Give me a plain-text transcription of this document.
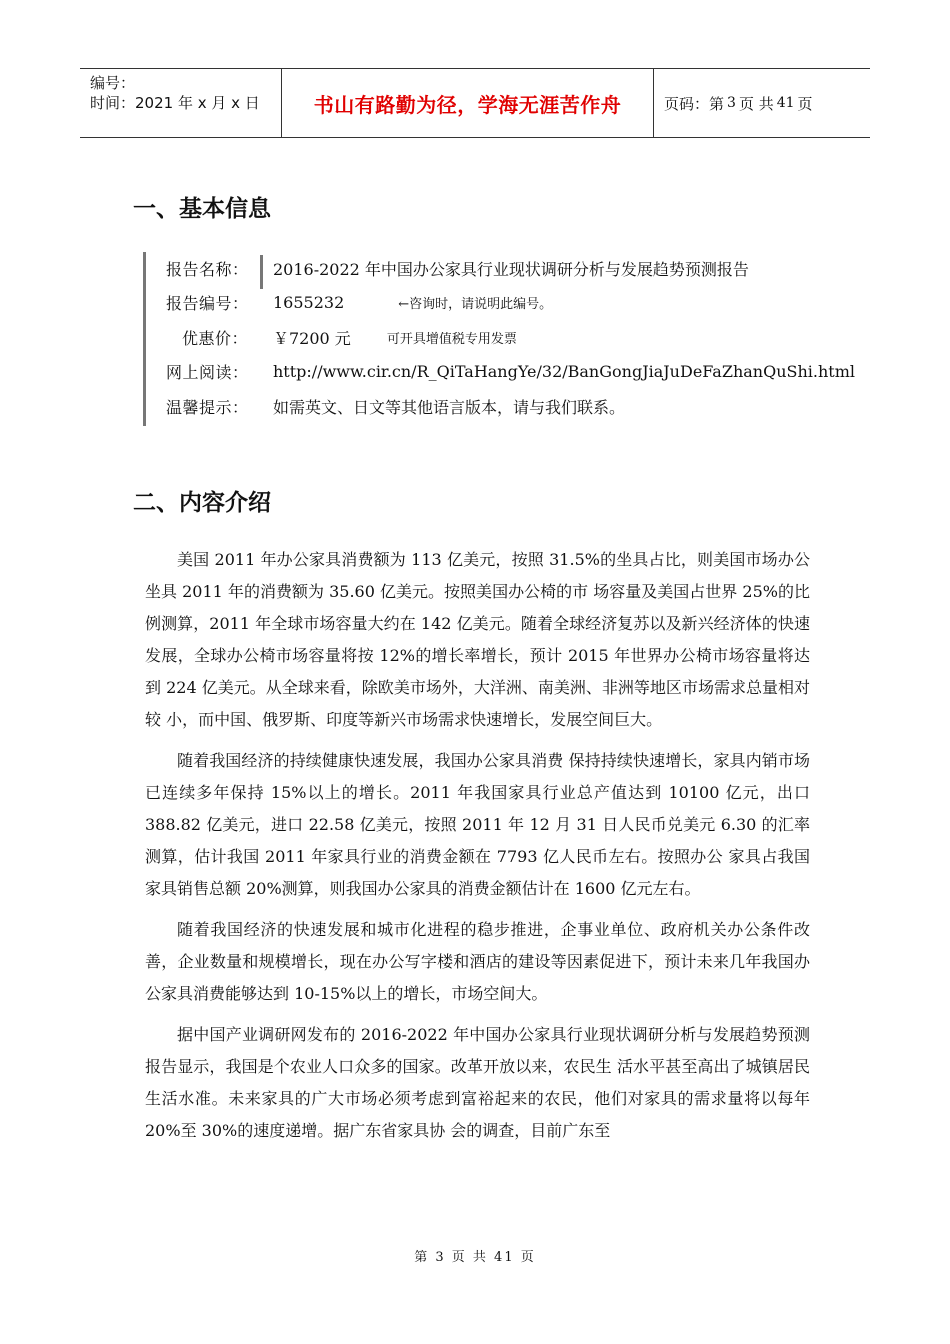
编号：
时间：2021 年 x 月 x 日	书山有路勤为径，学海无涯苦作舟	页码：第 3 页 共 41 页
一、基本信息
报告名称：	2016-2022 年中国办公家具行业现状调研分析与发展趋势预测报告
报告编号：	1655232	←咨询时，请说明此编号。
优惠价：	￥7200 元	可开具增值税专用发票
网上阅读：	http://www.cir.cn/R_QiTaHangYe/32/BanGongJiaJuDeFaZhanQuShi.html
温馨提示：	如需英文、日文等其他语言版本，请与我们联系。
二、内容介绍

美国 2011 年办公家具消费额为 113 亿美元，按照 31.5%的坐具占比，则美国市场办公坐具 2011 年的消费额为 35.60 亿美元。按照美国办公椅的市 场容量及美国占世界 25%的比例测算，2011 年全球市场容量大约在 142 亿美元。随着全球经济复苏以及新兴经济体的快速发展，全球办公椅市场容量将按 12%的增长率增长，预计 2015 年世界办公椅市场容量将达到 224 亿美元。从全球来看，除欧美市场外，大洋洲、南美洲、非洲等地区市场需求总量相对较 小，而中国、俄罗斯、印度等新兴市场需求快速增长，发展空间巨大。

随着我国经济的持续健康快速发展，我国办公家具消费 保持持续快速增长，家具内销市场已连续多年保持 15%以上的增长。2011 年我国家具行业总产值达到 10100 亿元，出口 388.82 亿美元，进口 22.58 亿美元，按照 2011 年 12 月 31 日人民币兑美元 6.30 的汇率测算，估计我国 2011 年家具行业的消费金额在 7793 亿人民币左右。按照办公 家具占我国家具销售总额 20%测算，则我国办公家具的消费金额估计在 1600 亿元左右。

随着我国经济的快速发展和城市化进程的稳步推进，企事业单位、政府机关办公条件改善，企业数量和规模增长，现在办公写字楼和酒店的建设等因素促进下，预计未来几年我国办公家具消费能够达到 10-15%以上的增长，市场空间大。

据中国产业调研网发布的 2016-2022 年中国办公家具行业现状调研分析与发展趋势预测报告显示，我国是个农业人口众多的国家。改革开放以来，农民生 活水平甚至高出了城镇居民生活水准。未来家具的广大市场必须考虑到富裕起来的农民，他们对家具的需求量将以每年 20%至 30%的速度递增。据广东省家具协 会的调查，目前广东至

第 3 页 共 41 页
